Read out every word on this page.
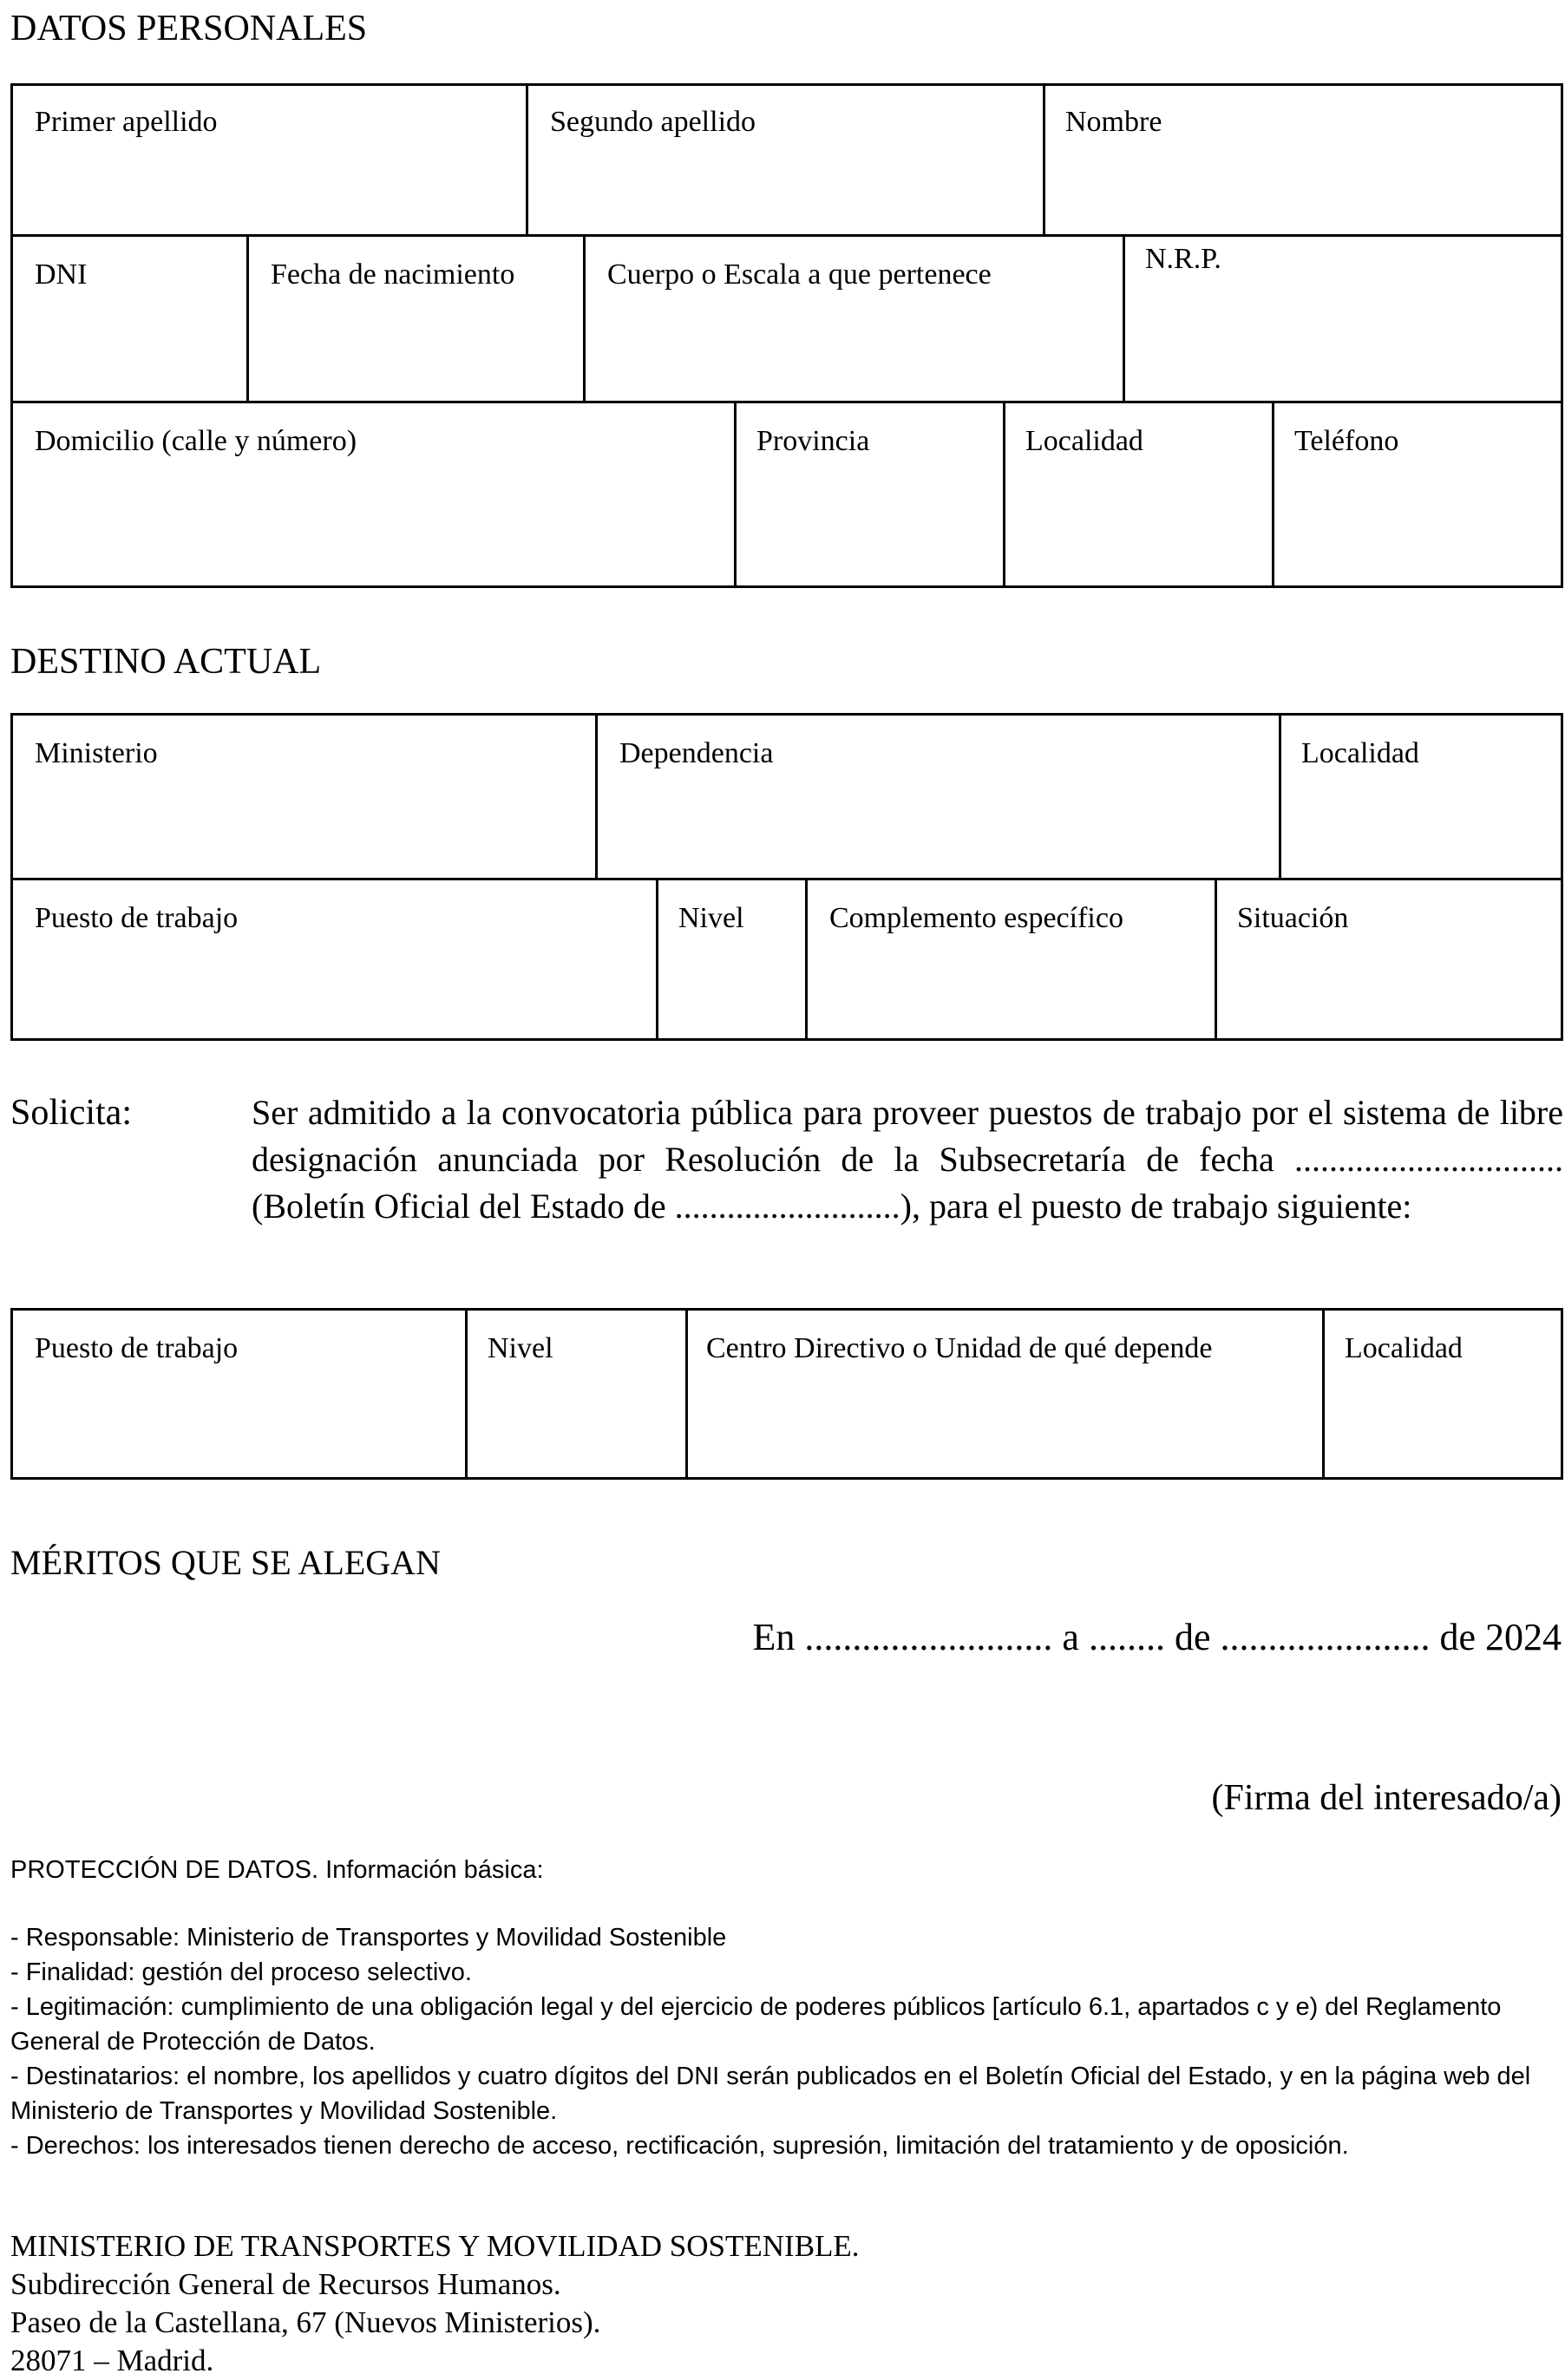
DATOS PERSONALES
Primer apellido	Segundo apellido	Nombre
DNI	Fecha de nacimiento	Cuerpo o Escala a que pertenece	N.R.P.
Domicilio (calle y número)	Provincia	Localidad	Teléfono
DESTINO ACTUAL
Ministerio	Dependencia	Localidad
Puesto de trabajo	Nivel	Complemento específico	Situación
Solicita:	Ser admitido a la convocatoria pública para proveer puestos de trabajo por el sistema de libre designación anunciada por Resolución de la Subsecretaría de fecha ............................... (Boletín Oficial del Estado de ..........................), para el puesto de trabajo siguiente:
Puesto de trabajo	Nivel	Centro Directivo o Unidad de qué depende	Localidad
MÉRITOS QUE SE ALEGAN
En .......................... a ........ de ...................... de 2024
(Firma del interesado/a)
PROTECCIÓN DE DATOS. Información básica:
- Responsable: Ministerio de Transportes y Movilidad Sostenible
- Finalidad: gestión del proceso selectivo.
- Legitimación: cumplimiento de una obligación legal y del ejercicio de poderes públicos [artículo 6.1, apartados c y e) del Reglamento General de Protección de Datos.
- Destinatarios: el nombre, los apellidos y cuatro dígitos del DNI serán publicados en el Boletín Oficial del Estado, y en la página web del Ministerio de Transportes y Movilidad Sostenible.
- Derechos: los interesados tienen derecho de acceso, rectificación, supresión, limitación del tratamiento y de oposición.
MINISTERIO DE TRANSPORTES Y MOVILIDAD SOSTENIBLE.
Subdirección General de Recursos Humanos.
Paseo de la Castellana, 67 (Nuevos Ministerios).
28071 – Madrid.
